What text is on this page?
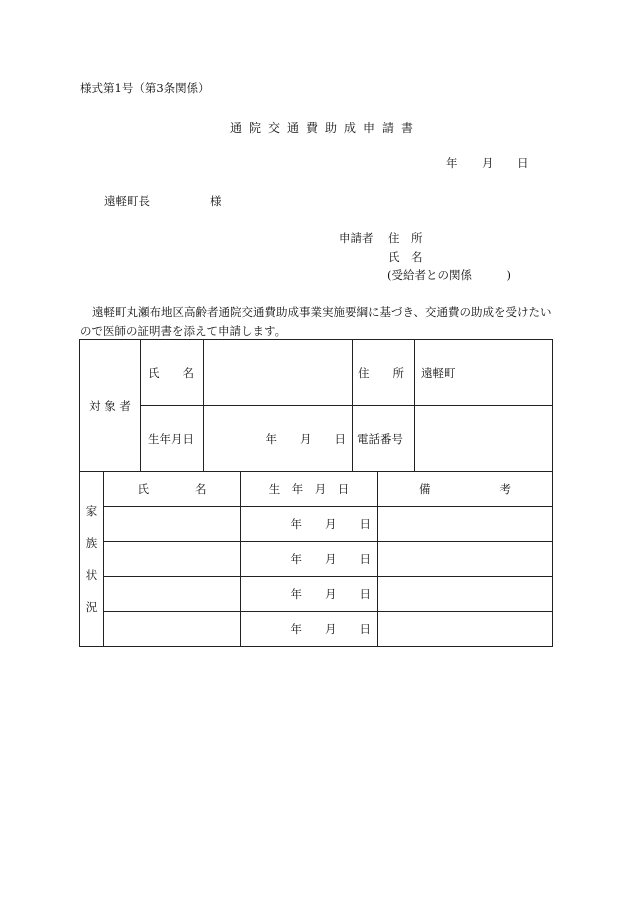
様式第1号（第3条関係）
通院交通費助成申請書
年 月 日
遠軽町長	様
申請者 住　所
氏　名
(受給者との関係　　　)
遠軽町丸瀬布地区高齢者通院交通費助成事業実施要綱に基づき、交通費の助成を受けたいので医師の証明書を添えて申請します。
対 象 者	氏　　名		住　　所	遠軽町
	生年月日	年　　月　　日	電話番号	
家
族
状
況	氏　　　　名	生　年　月　日	備　　　　　　考
		年　　月　　日	
		年　　月　　日	
		年　　月　　日	
		年　　月　　日	
